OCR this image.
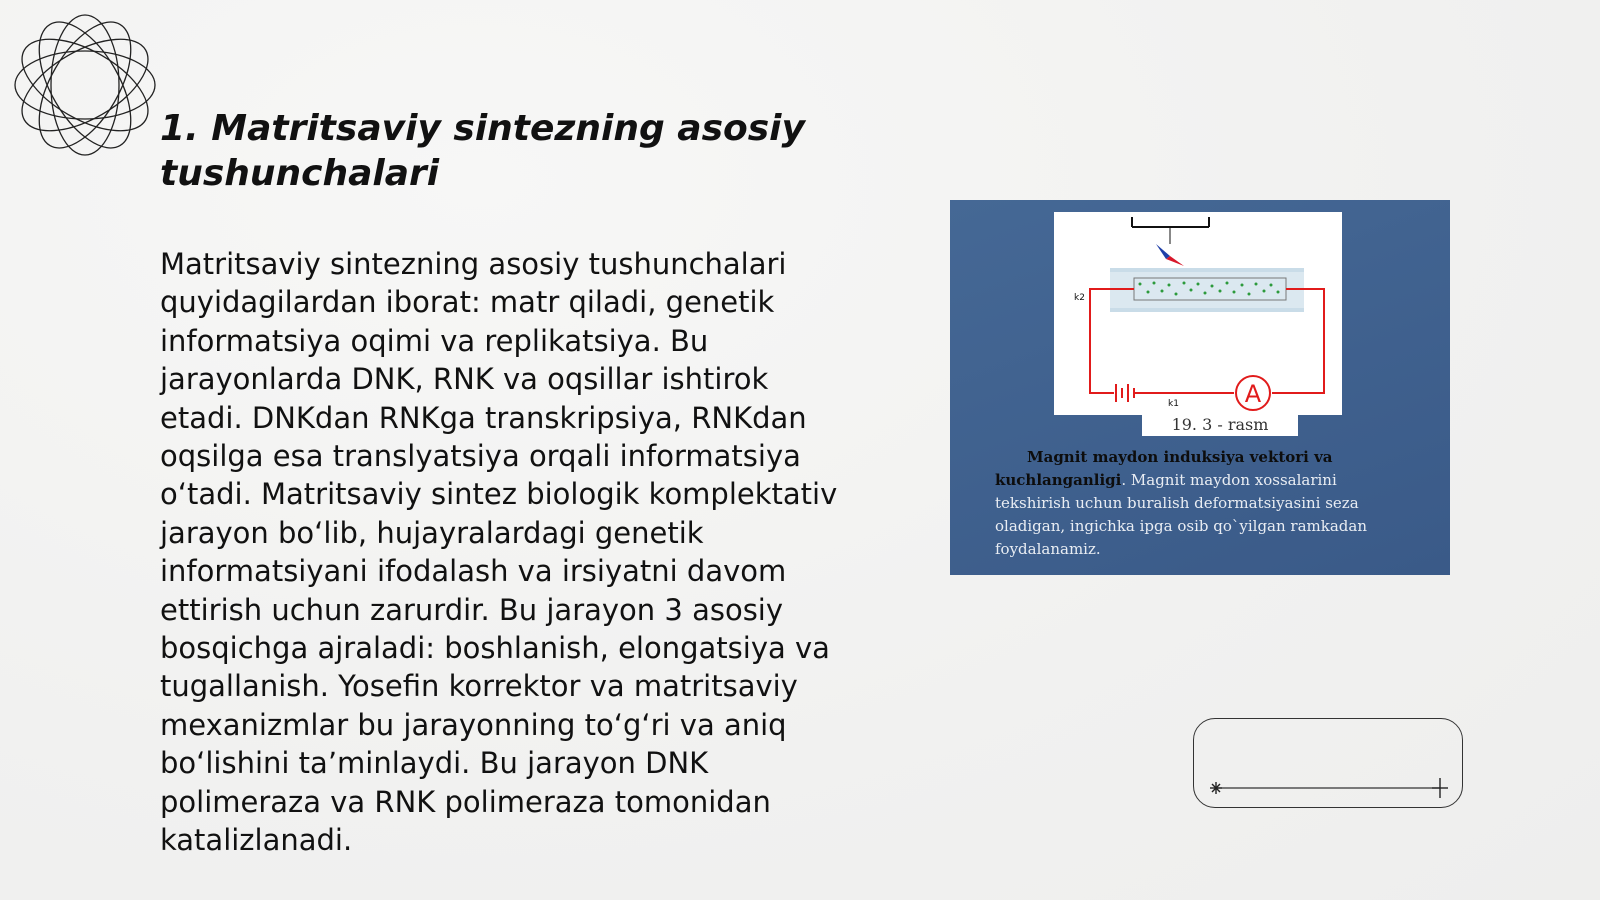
1. Matritsaviy sintezning asosiy tushunchalari

Matritsaviy sintezning asosiy tushunchalari quyidagilardan iborat: matr qiladi, genetik informatsiya oqimi va replikatsiya. Bu jarayonlarda DNK, RNK va oqsillar ishtirok etadi. DNKdan RNKga transkripsiya, RNKdan oqsilga esa translyatsiya orqali informatsiya o‘tadi. Matritsaviy sintez biologik komplektativ jarayon bo‘lib, hujayralardagi genetik informatsiyani ifodalash va irsiyatni davom ettirish uchun zarurdir. Bu jarayon 3 asosiy bosqichga ajraladi: boshlanish, elongatsiya va tugallanish. Yosefin korrektor va matritsaviy mexanizmlar bu jarayonning to‘g‘ri va aniq bo‘lishini ta’minlaydi. Bu jarayon DNK polimeraza va RNK polimeraza tomonidan katalizlanadi.

A
k2
k1
19. 3 - rasm

Magnit maydon induksiya vektori va
kuchlanganligi. Magnit maydon xossalarini tekshirish uchun buralish deformatsiyasini seza oladigan, ingichka ipga osib qo`yilgan ramkadan foydalanamiz.
